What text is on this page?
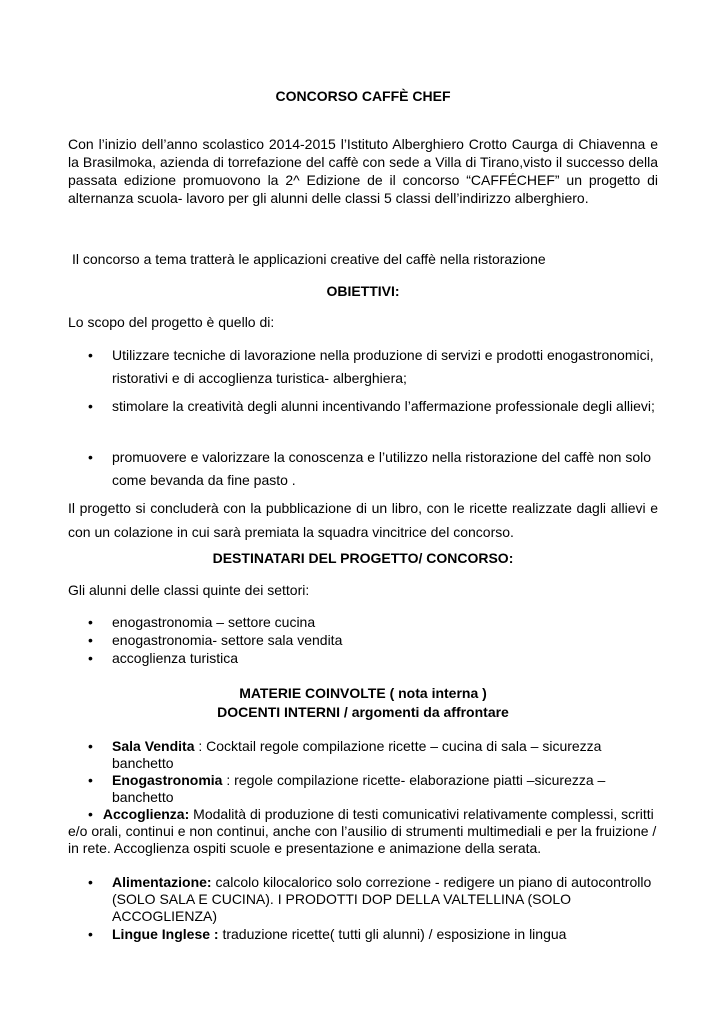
CONCORSO CAFFÈ CHEF
Con l’inizio dell’anno scolastico 2014-2015 l’Istituto Alberghiero Crotto Caurga di Chiavenna e la Brasilmoka, azienda di torrefazione del caffè con sede a Villa di Tirano,visto il successo della passata edizione promuovono la 2^ Edizione de il concorso “CAFFÉCHEF” un progetto di alternanza scuola- lavoro per gli alunni delle classi 5 classi dell’indirizzo alberghiero.
Il concorso a tema tratterà le applicazioni creative del caffè nella ristorazione
OBIETTIVI:
Lo scopo del progetto è quello di:
• Utilizzare tecniche di lavorazione nella produzione di servizi e prodotti enogastronomici, ristorativi e di accoglienza turistica- alberghiera;
• stimolare la creatività degli alunni incentivando l’affermazione professionale degli allievi;
• promuovere e valorizzare la conoscenza e l’utilizzo nella ristorazione del caffè non solo come bevanda da fine pasto .
Il progetto si concluderà con la pubblicazione di un libro, con le ricette realizzate dagli allievi e con un colazione in cui sarà premiata la squadra vincitrice del concorso.
DESTINATARI DEL PROGETTO/ CONCORSO:
Gli alunni delle classi quinte dei settori:
• enogastronomia – settore cucina
• enogastronomia- settore sala vendita
• accoglienza turistica
MATERIE COINVOLTE ( nota interna )
DOCENTI INTERNI / argomenti da affrontare
• Sala Vendita : Cocktail regole compilazione ricette – cucina di sala – sicurezza banchetto
• Enogastronomia : regole compilazione ricette- elaborazione piatti –sicurezza – banchetto
• Accoglienza: Modalità di produzione di testi comunicativi relativamente complessi, scritti e/o orali, continui e non continui, anche con l’ausilio di strumenti multimediali e per la fruizione / in rete. Accoglienza ospiti scuole e presentazione e animazione della serata.
• Alimentazione: calcolo kilocalorico solo correzione - redigere un piano di autocontrollo (SOLO SALA E CUCINA). I PRODOTTI DOP DELLA VALTELLINA (SOLO ACCOGLIENZA)
• Lingue Inglese : traduzione ricette( tutti gli alunni) / esposizione in lingua
